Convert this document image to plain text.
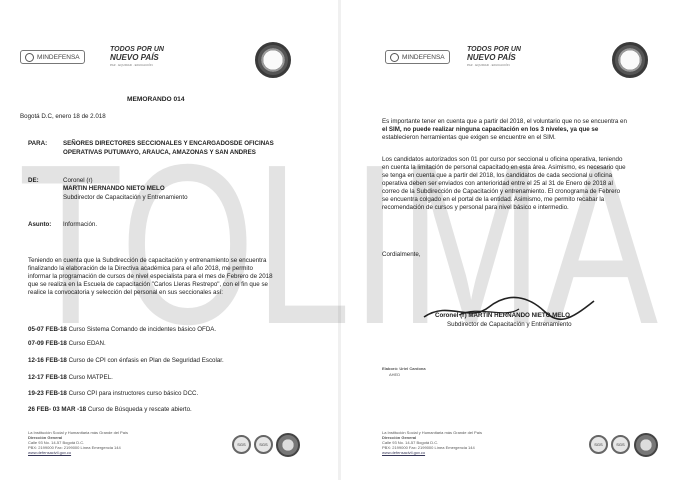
MINDEFENSA
TODOS POR UN
NUEVO PAÍS
PAZ · EQUIDAD · EDUCACIÓN
MEMORANDO 014
Bogotá D.C, enero 18 de 2.018
PARA:	SEÑORES DIRECTORES SECCIONALES Y ENCARGADOSDE OFICINAS
OPERATIVAS PUTUMAYO, ARAUCA, AMAZONAS Y SAN ANDRES
DE:	Coronel (r)
MARTIN HERNANDO NIETO MELO
Subdirector de Capacitación y Entrenamiento
Asunto: Información.
Teniendo en cuenta que la Subdirección de capacitación y entrenamiento se encuentra
finalizando la elaboración de la Directiva académica para el año 2018, me permito
informar la programación de cursos de nivel especialista para el mes de Febrero de 2018
que se realiza en la Escuela de capacitación "Carlos Lleras Restrepo", con el fin que se
realice la convocatoria y selección del personal en sus seccionales así:
05-07 FEB-18 Curso Sistema Comando de incidentes básico OFDA.
07-09 FEB-18 Curso EDAN.
12-16 FEB-18 Curso de CPI con énfasis en Plan de Seguridad Escolar.
12-17 FEB-18 Curso MATPEL.
19-23 FEB-18 Curso CPI para instructores curso básico DCC.
26 FEB- 03 MAR -18 Curso de Búsqueda y rescate abierto.
La Institución Social y Humanitaria más Grande del País
Dirección General
Calle 93 No. 14-57 Bogotá D.C.
PBX: 2199000 Fax: 2199000 Línea Emergencia 144
www.defensacivil.gov.co
SGS	SGS
MINDEFENSA
TODOS POR UN
NUEVO PAÍS
PAZ · EQUIDAD · EDUCACIÓN
Es importante tener en cuenta que a partir del 2018, el voluntario que no se encuentra en
el SIM, no puede realizar ninguna capacitación en los 3 niveles, ya que se
establecieron herramientas que exigen se encuentre en el SIM.
Los candidatos autorizados son 01 por curso por seccional u oficina operativa, teniendo
en cuenta la limitación de personal capacitado en esta área. Asimismo, es necesario que
se tenga en cuenta que a partir del 2018, los candidatos de cada seccional u oficina
operativa deben ser enviados con anterioridad entre el 25 al 31 de Enero de 2018 al
correo de la Subdirección de Capacitación y entrenamiento. El cronograma de Febrero
se encuentra colgado en el portal de la entidad. Asimismo, me permito recabar la
recomendación de cursos y personal para nivel básico e intermedio.
Cordialmente,
Coronel (r) MARTIN HERNANDO NIETO MELO
Subdirector de Capacitación y Entrenamiento
Elaboró: Uriel Cardona
AHED
La Institución Social y Humanitaria más Grande del País
Dirección General
Calle 93 No. 14-57 Bogotá D.C.
PBX: 2199000 Fax: 2199000 Línea Emergencia 144
www.defensacivil.gov.co
SGS	SGS
TOLIMA
